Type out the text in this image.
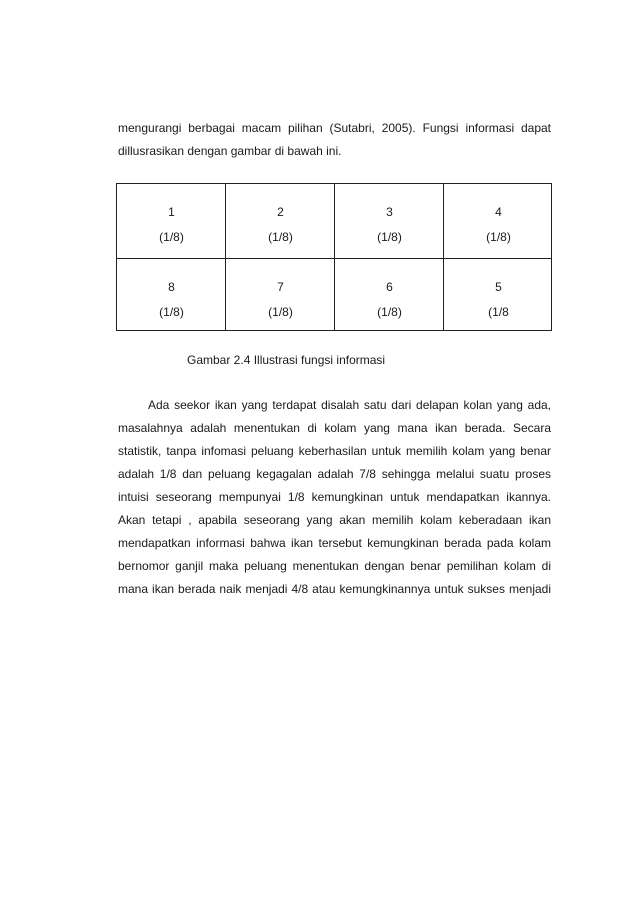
mengurangi berbagai macam pilihan (Sutabri, 2005). Fungsi informasi dapat
dillusrasikan dengan gambar di bawah ini.
1
(1/8)
2
(1/8)
3
(1/8)
4
(1/8)
8
(1/8)
7
(1/8)
6
(1/8)
5
(1/8
Gambar 2.4 Illustrasi fungsi informasi
Ada seekor ikan yang terdapat disalah satu dari delapan kolan yang ada,
masalahnya adalah menentukan di kolam yang mana ikan berada. Secara
statistik, tanpa infomasi peluang keberhasilan untuk memilih kolam yang benar
adalah 1/8 dan peluang kegagalan adalah 7/8 sehingga melalui suatu proses
intuisi seseorang mempunyai 1/8 kemungkinan untuk mendapatkan ikannya.
Akan tetapi , apabila seseorang yang akan memilih kolam keberadaan ikan
mendapatkan informasi bahwa ikan tersebut kemungkinan berada pada kolam
bernomor ganjil maka peluang menentukan dengan benar pemilihan kolam di
mana ikan berada naik menjadi 4/8 atau kemungkinannya untuk sukses menjadi
